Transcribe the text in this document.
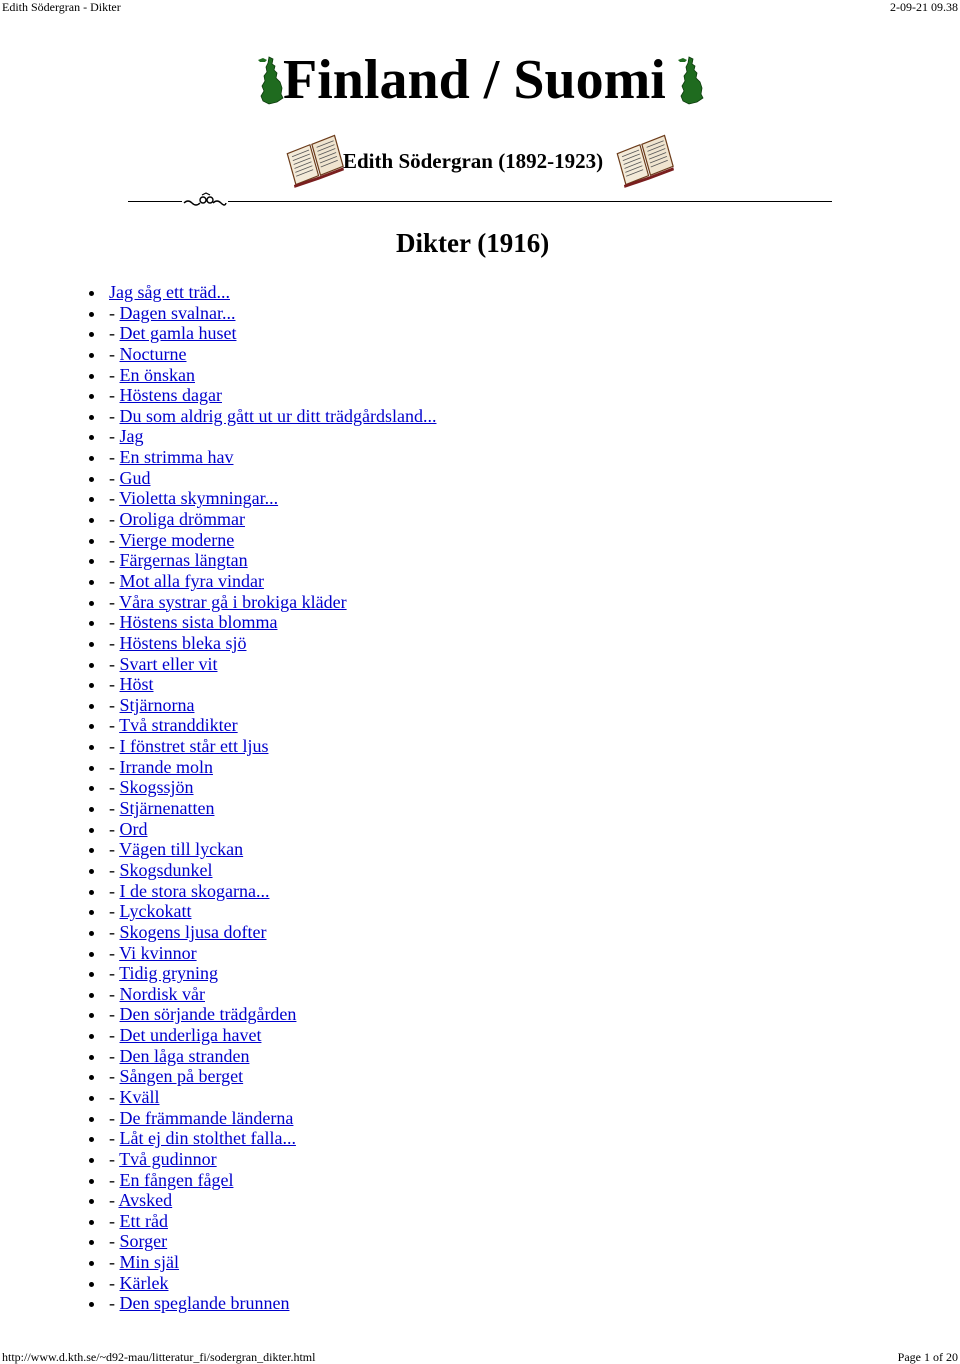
Edith Södergran - Dikter	2-09-21 09.38
Finland / Suomi
Edith Södergran (1892-1923)
Dikter (1916)
Jag såg ett träd...
- Dagen svalnar...
- Det gamla huset
- Nocturne
- En önskan
- Höstens dagar
- Du som aldrig gått ut ur ditt trädgårdsland...
- Jag
- En strimma hav
- Gud
- Violetta skymningar...
- Oroliga drömmar
- Vierge moderne
- Färgernas längtan
- Mot alla fyra vindar
- Våra systrar gå i brokiga kläder
- Höstens sista blomma
- Höstens bleka sjö
- Svart eller vit
- Höst
- Stjärnorna
- Två stranddikter
- I fönstret står ett ljus
- Irrande moln
- Skogssjön
- Stjärnenatten
- Ord
- Vägen till lyckan
- Skogsdunkel
- I de stora skogarna...
- Lyckokatt
- Skogens ljusa dofter
- Vi kvinnor
- Tidig gryning
- Nordisk vår
- Den sörjande trädgården
- Det underliga havet
- Den låga stranden
- Sången på berget
- Kväll
- De främmande länderna
- Låt ej din stolthet falla...
- Två gudinnor
- En fången fågel
- Avsked
- Ett råd
- Sorger
- Min själ
- Kärlek
- Den speglande brunnen
http://www.d.kth.se/~d92-mau/litteratur_fi/sodergran_dikter.html	Page 1 of 20
